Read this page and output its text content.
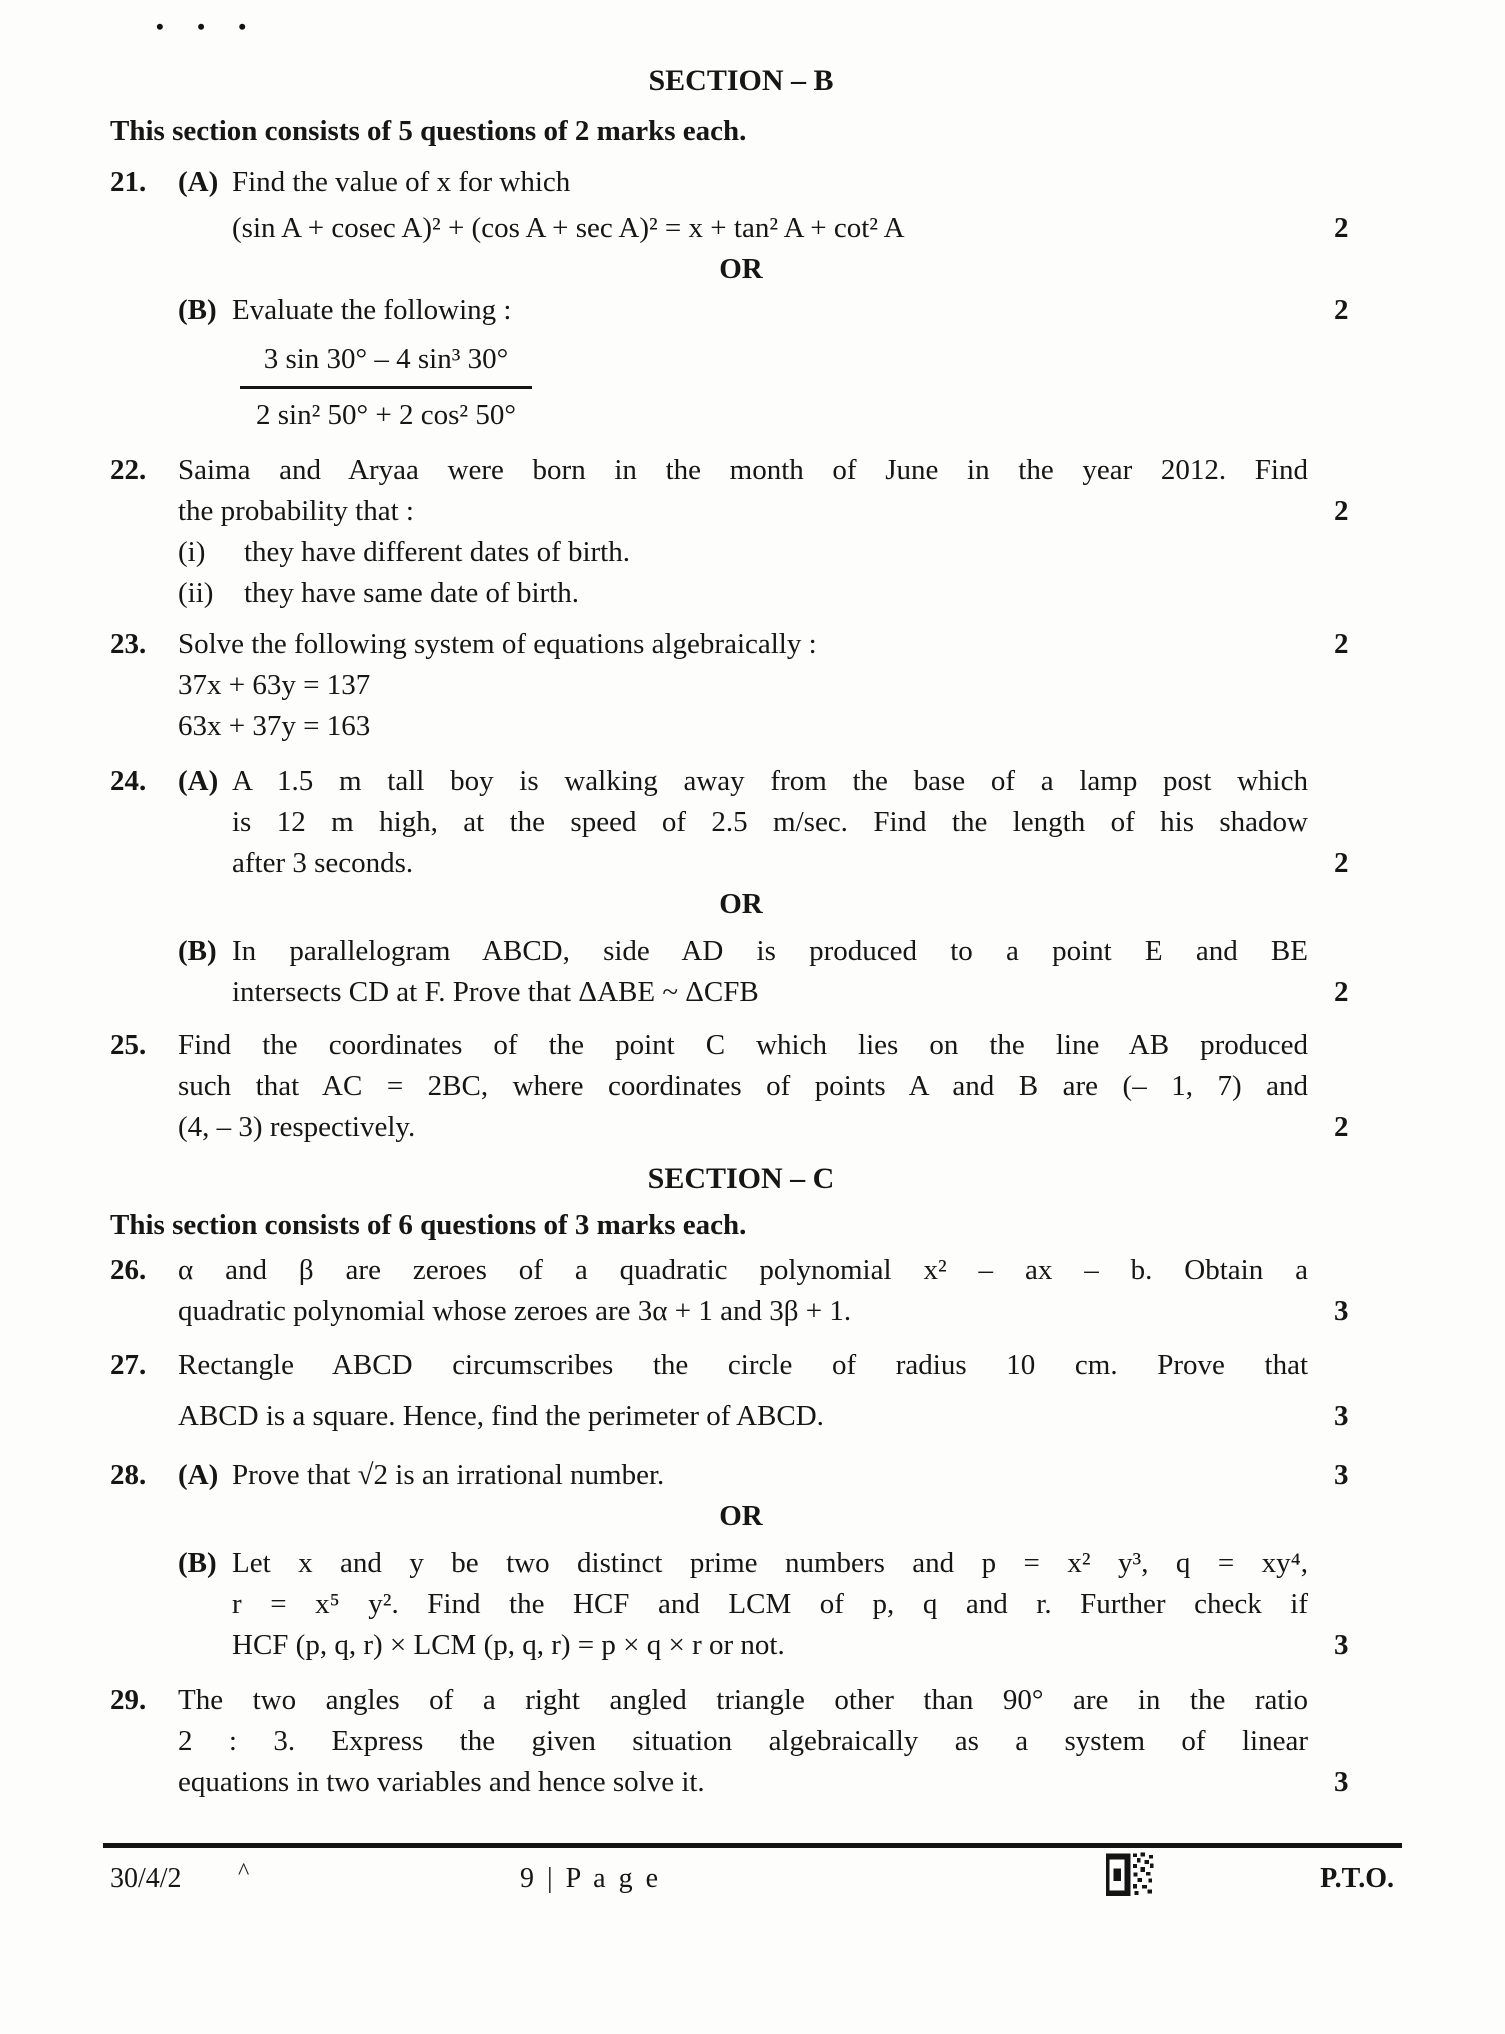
• • •
SECTION – B
This section consists of 5 questions of 2 marks each.
21.	(A) Find the value of x for which
(sin A + cosec A)² + (cos A + sec A)² = x + tan² A + cot² A	2
OR
(B) Evaluate the following :	2
$\frac{\text{3 sin 30° – 4 sin³ 30°}}{\text{2 sin² 50° + 2 cos² 50°}}$
22.	Saima and Aryaa were born in the month of June in the year 2012. Find
the probability that :	2
(i)	they have different dates of birth.
(ii)	they have same date of birth.
23.	Solve the following system of equations algebraically :	2
37x + 63y = 137
63x + 37y = 163
24.	(A) A 1.5 m tall boy is walking away from the base of a lamp post which
is 12 m high, at the speed of 2.5 m/sec. Find the length of his shadow
after 3 seconds.	2
OR
(B) In parallelogram ABCD, side AD is produced to a point E and BE
intersects CD at F. Prove that ΔABE ~ ΔCFB	2
25.	Find the coordinates of the point C which lies on the line AB produced
such that AC = 2BC, where coordinates of points A and B are (– 1, 7) and
(4, – 3) respectively.	2
SECTION – C
This section consists of 6 questions of 3 marks each.
26.	α and β are zeroes of a quadratic polynomial x² – ax – b. Obtain a
quadratic polynomial whose zeroes are 3α + 1 and 3β + 1.	3
27.	Rectangle ABCD circumscribes the circle of radius 10 cm. Prove that
ABCD is a square. Hence, find the perimeter of ABCD.	3
28.	(A) Prove that √2 is an irrational number.	3
OR
(B) Let x and y be two distinct prime numbers and p = x² y³, q = xy⁴,
r = x⁵ y². Find the HCF and LCM of p, q and r. Further check if
HCF (p, q, r) × LCM (p, q, r) = p × q × r or not.	3
29.	The two angles of a right angled triangle other than 90° are in the ratio
2 : 3. Express the given situation algebraically as a system of linear
equations in two variables and hence solve it.	3
30/4/2 ^	9 | P a g e	P.T.O.
